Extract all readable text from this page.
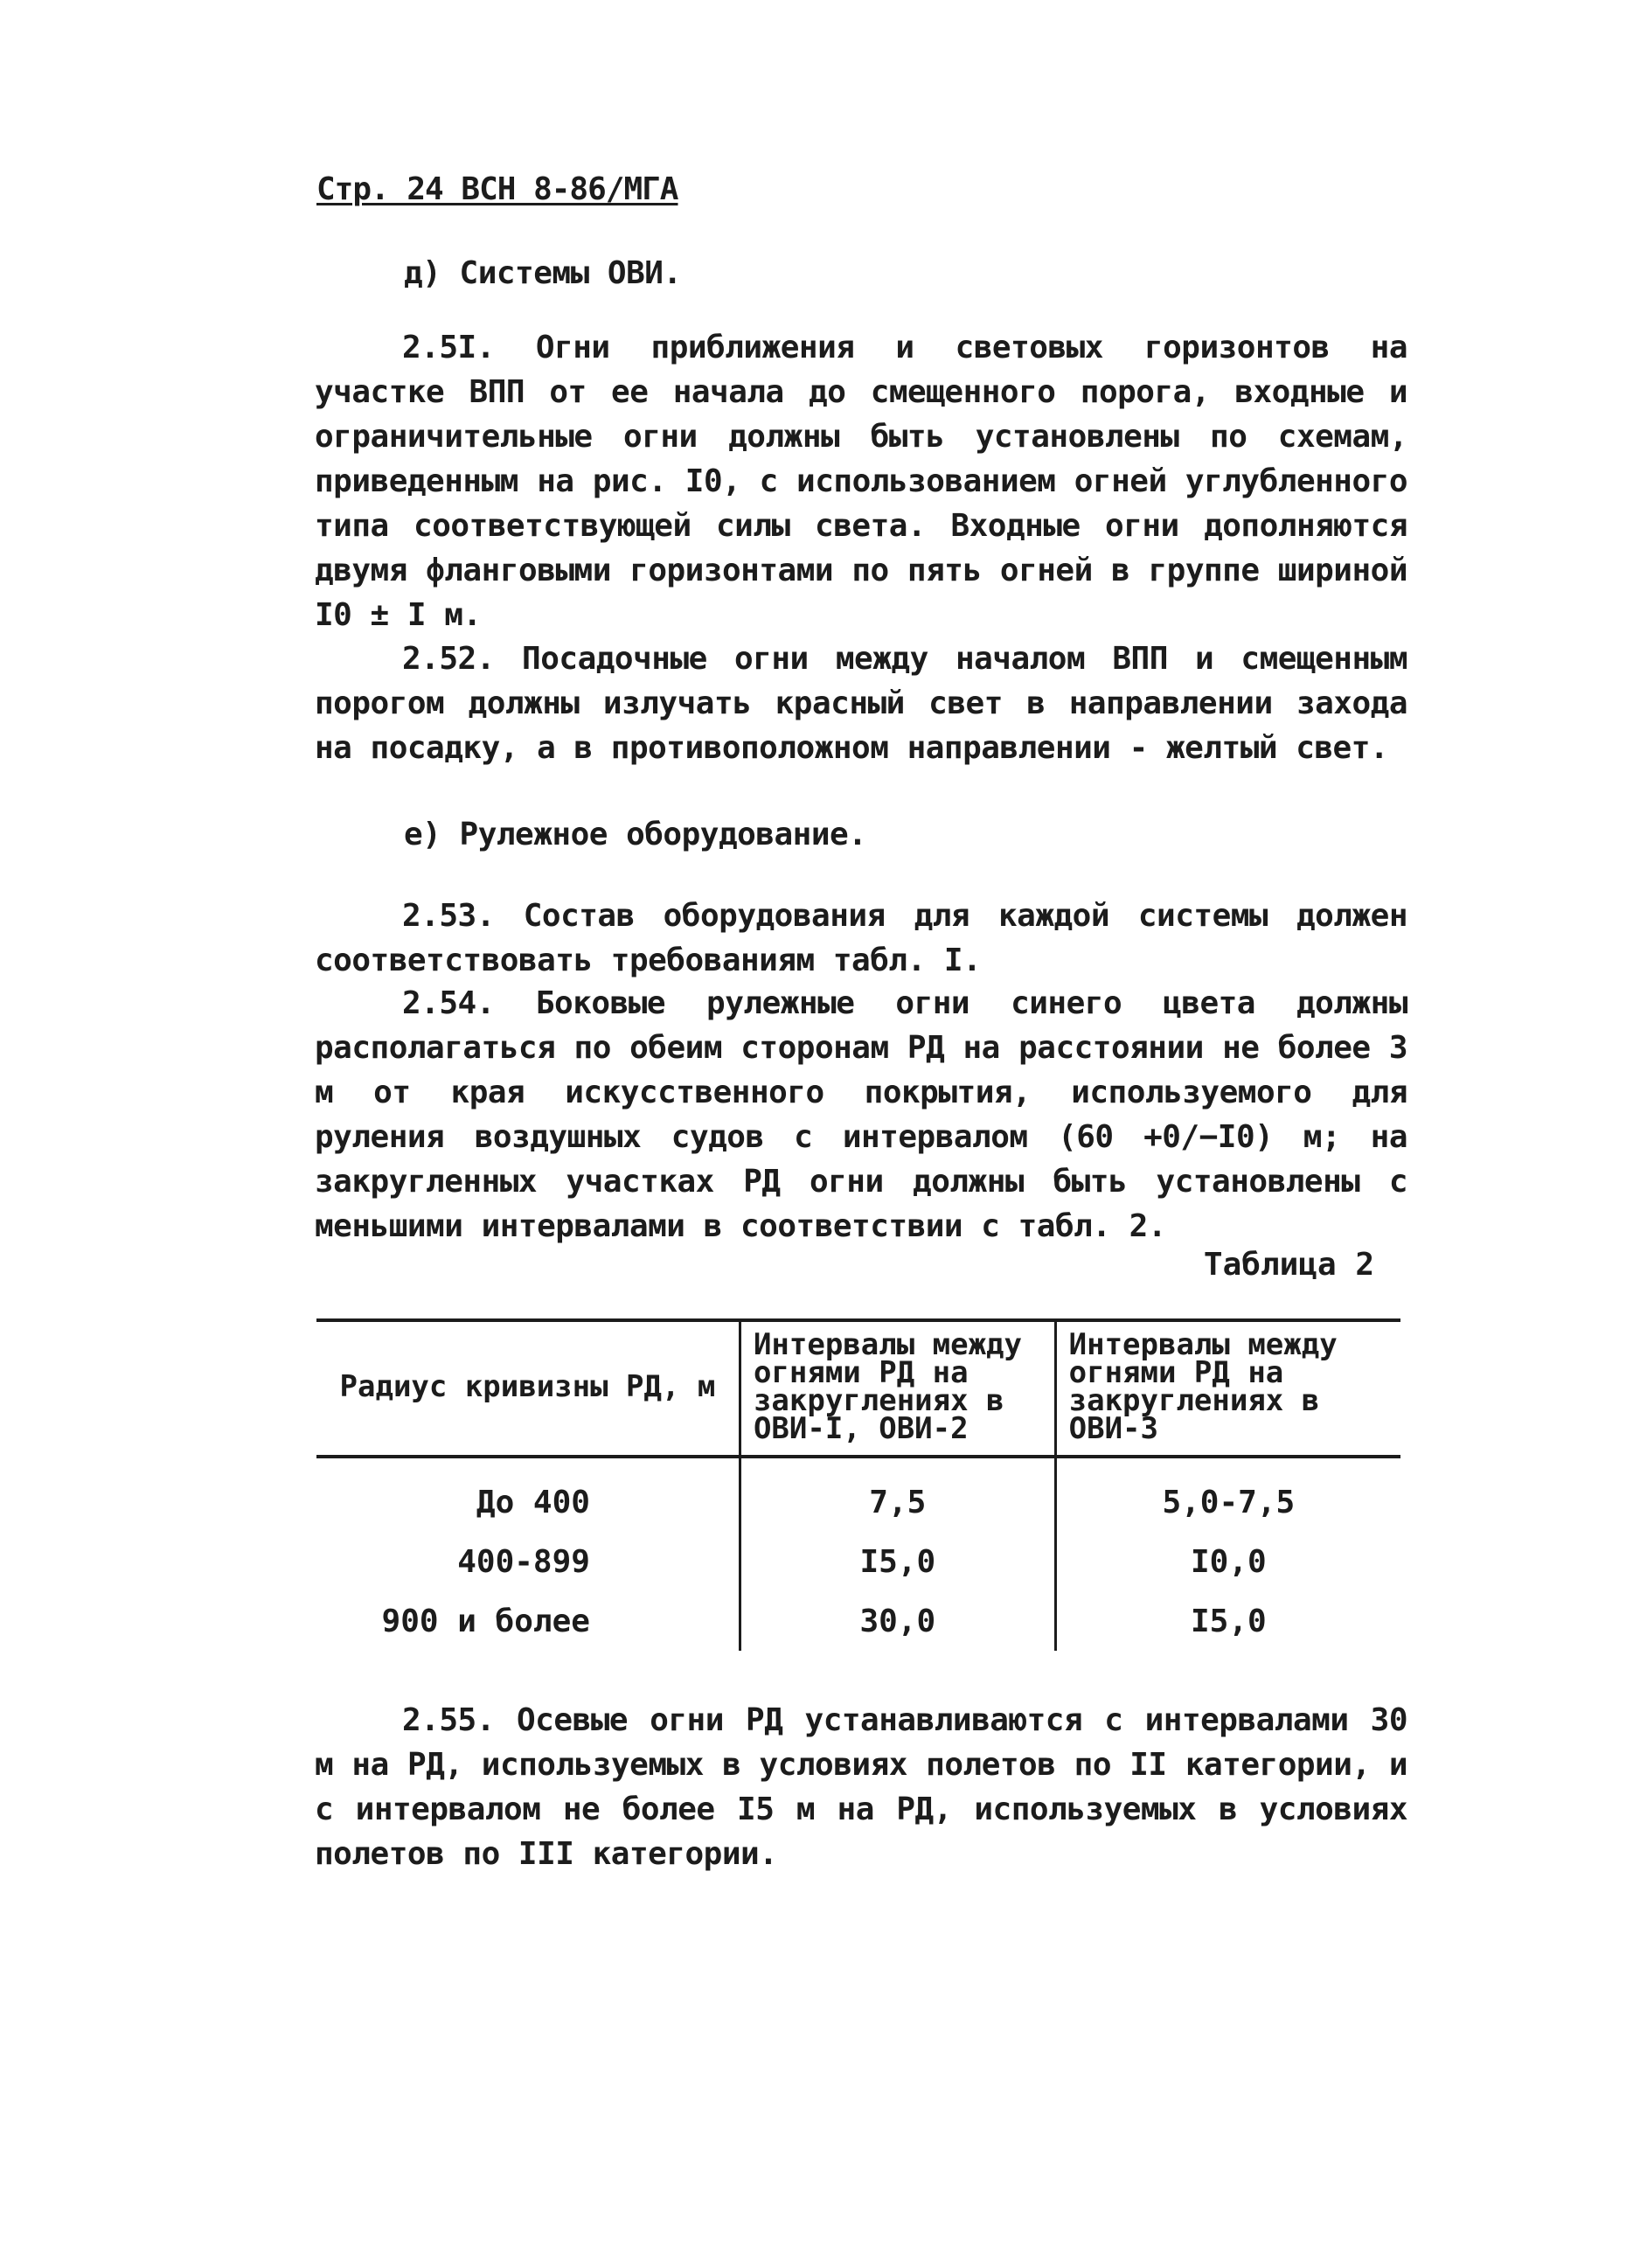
Стр. 24 ВСН 8-86/МГА
д) Системы ОВИ.

2.5I. Огни приближения и световых горизонтов на участке ВПП от ее начала до смещенного порога, входные и ограничительные огни должны быть установлены по схемам, приведенным на рис. I0, с использованием огней углубленного типа соответствующей силы света. Входные огни дополняются двумя фланговыми горизонтами по пять огней в группе шириной I0 ± I м.

2.52. Посадочные огни между началом ВПП и смещенным порогом должны излучать красный свет в направлении захода на посадку, а в противоположном направлении - желтый свет.

е) Рулежное оборудование.

2.53. Состав оборудования для каждой системы должен соответствовать требованиям табл. I.

2.54. Боковые рулежные огни синего цвета должны располагаться по обеим сторонам РД на расстоянии не более 3 м от края искусственного покрытия, используемого для руления воздушных судов с интервалом (60 +0/−I0) м; на закругленных участках РД огни должны быть установлены с меньшими интервалами в соответствии с табл. 2.

Таблица 2
Радиус кривизны РД, м	Интервалы между огнями РД на закруглениях в ОВИ-I, ОВИ-2	Интервалы между огнями РД на закруглениях в ОВИ-3
До 400	7,5	5,0-7,5
400-899	I5,0	I0,0
900 и более	30,0	I5,0

2.55. Осевые огни РД устанавливаются с интервалами 30 м на РД, используемых в условиях полетов по II категории, и с интервалом не более I5 м на РД, используемых в условиях полетов по III категории.
